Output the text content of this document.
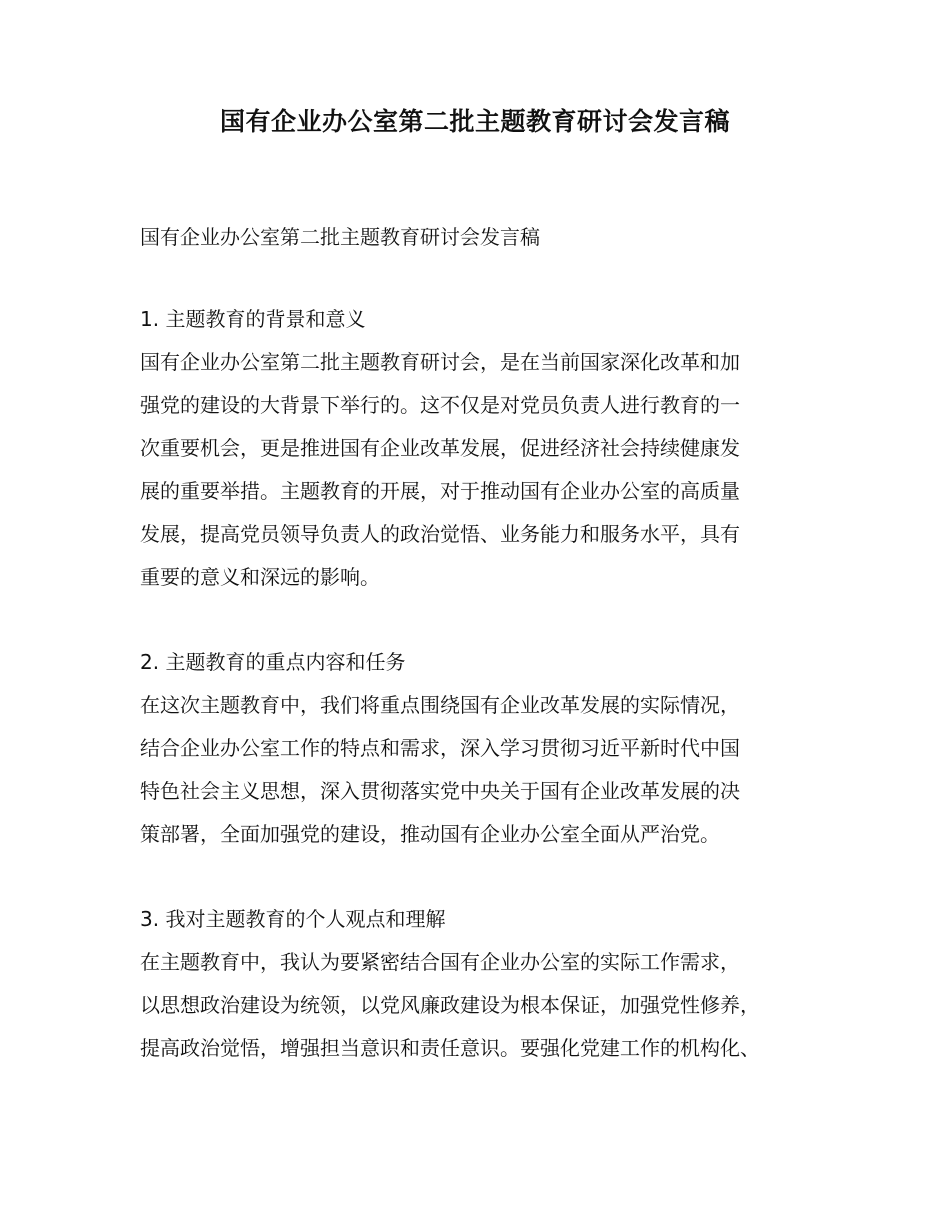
国有企业办公室第二批主题教育研讨会发言稿
国有企业办公室第二批主题教育研讨会发言稿
1. 主题教育的背景和意义
国有企业办公室第二批主题教育研讨会，是在当前国家深化改革和加
强党的建设的大背景下举行的。这不仅是对党员负责人进行教育的一
次重要机会，更是推进国有企业改革发展，促进经济社会持续健康发
展的重要举措。主题教育的开展，对于推动国有企业办公室的高质量
发展，提高党员领导负责人的政治觉悟、业务能力和服务水平，具有
重要的意义和深远的影响。
2. 主题教育的重点内容和任务
在这次主题教育中，我们将重点围绕国有企业改革发展的实际情况，
结合企业办公室工作的特点和需求，深入学习贯彻习近平新时代中国
特色社会主义思想，深入贯彻落实党中央关于国有企业改革发展的决
策部署，全面加强党的建设，推动国有企业办公室全面从严治党。
3. 我对主题教育的个人观点和理解
在主题教育中，我认为要紧密结合国有企业办公室的实际工作需求，
以思想政治建设为统领，以党风廉政建设为根本保证，加强党性修养，
提高政治觉悟，增强担当意识和责任意识。要强化党建工作的机构化、
